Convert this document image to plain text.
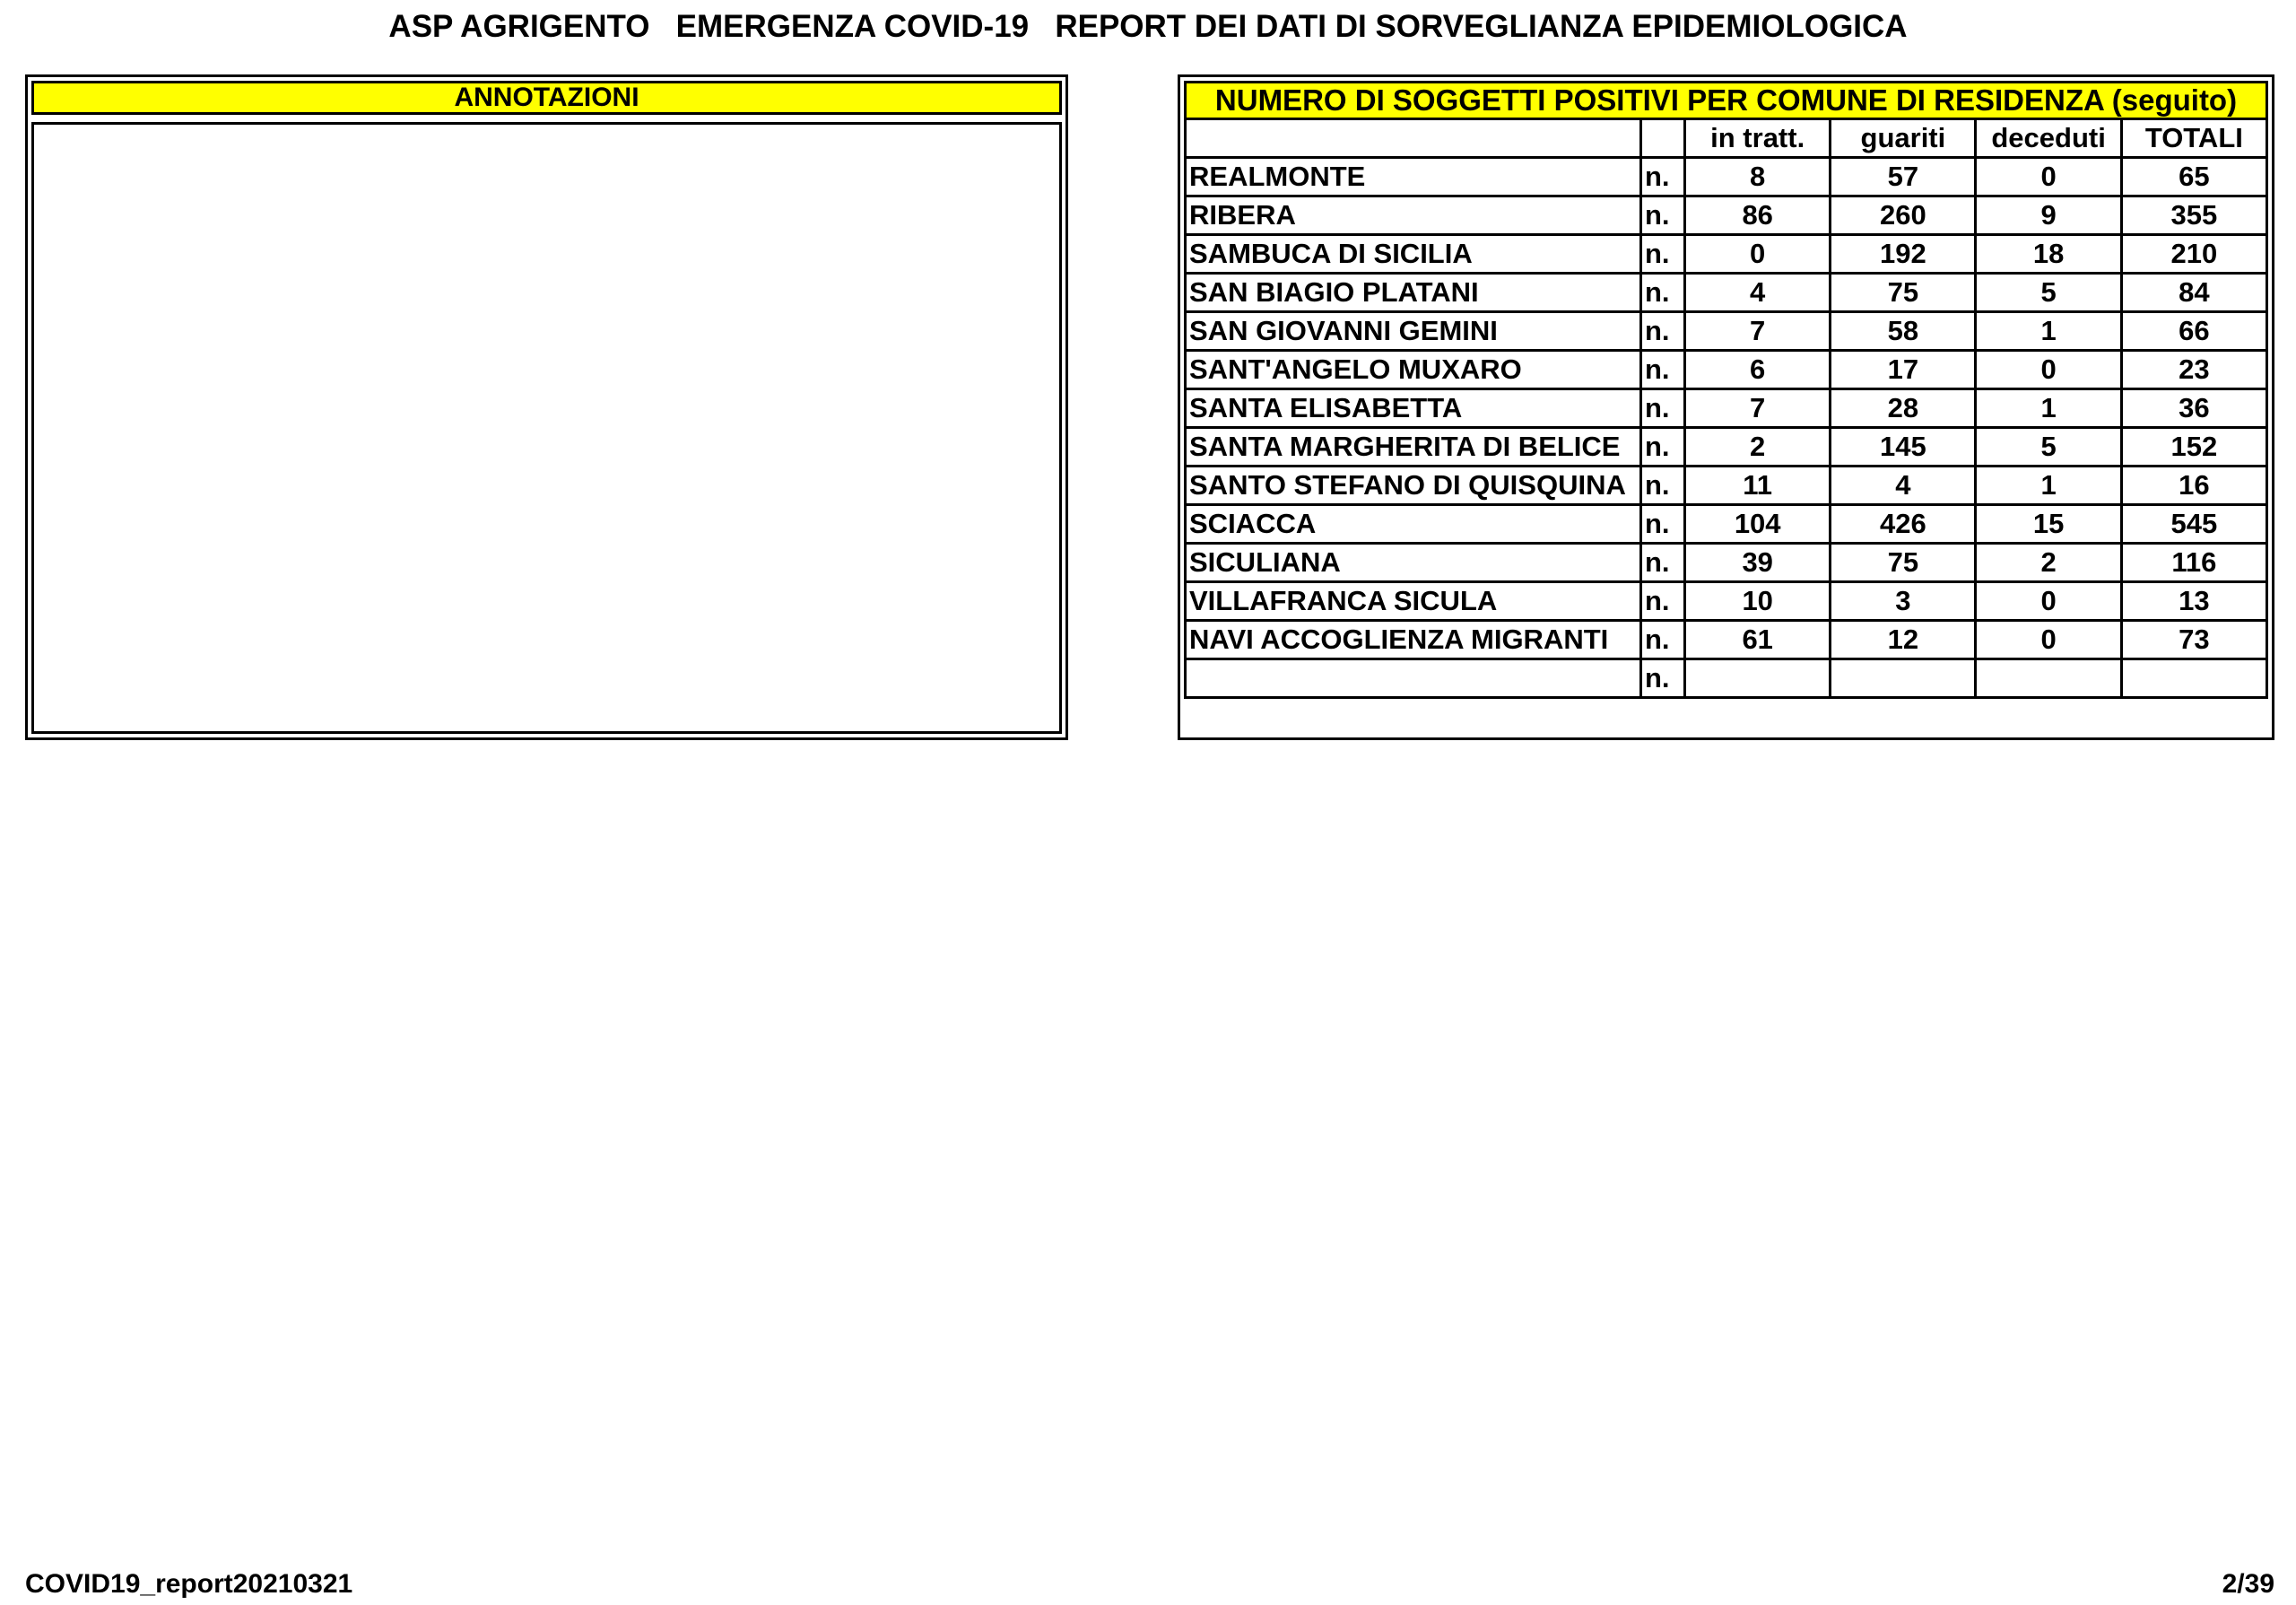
ASP AGRIGENTO   EMERGENZA COVID-19   REPORT DEI DATI DI SORVEGLIANZA EPIDEMIOLOGICA
ANNOTAZIONI	NUMERO DI SOGGETTI POSITIVI PER COMUNE DI RESIDENZA (seguito)					
		in tratt.	guariti	deceduti	TOTALI
REALMONTE	n.	8	57	0	65
RIBERA	n.	86	260	9	355
SAMBUCA DI SICILIA	n.	0	192	18	210
SAN BIAGIO PLATANI	n.	4	75	5	84
SAN GIOVANNI GEMINI	n.	7	58	1	66
SANT'ANGELO MUXARO	n.	6	17	0	23
SANTA ELISABETTA	n.	7	28	1	36
SANTA MARGHERITA DI BELICE	n.	2	145	5	152
SANTO STEFANO DI QUISQUINA	n.	11	4	1	16
SCIACCA	n.	104	426	15	545
SICULIANA	n.	39	75	2	116
VILLAFRANCA SICULA	n.	10	3	0	13
NAVI ACCOGLIENZA MIGRANTI	n.	61	12	0	73
	n.				
COVID19_report20210321	2/39
